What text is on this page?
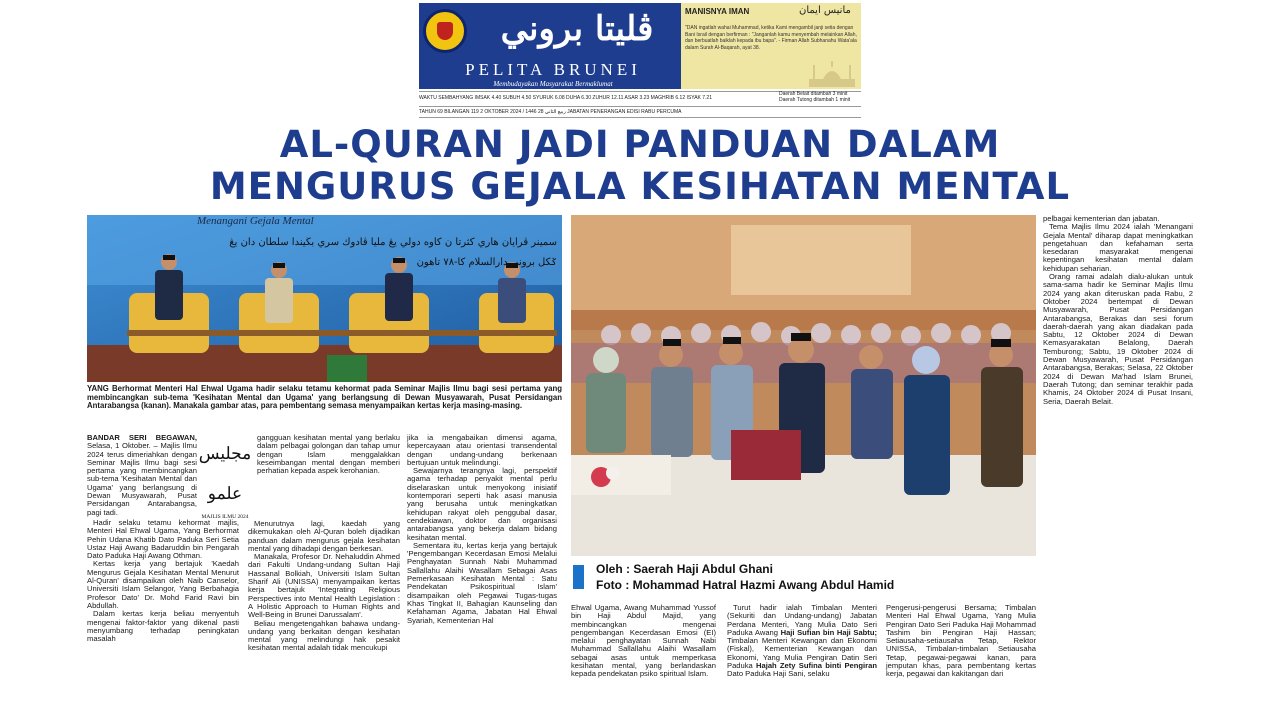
ڤليتا بروني
PELITA BRUNEI
Membudayakan Masyarakat Bermaklumat
MANISNYA IMAN	مانيس ايمان
"DAN ingatlah wahai Muhammad, ketika Kami mengambil janji setia dengan Bani Israil dengan berfirman : "Janganlah kamu menyembah melainkan Allah, dan berbuatlah baiklah kepada ibu bapa". - Firman Allah Subhanahu Wata'ala dalam Surah Al-Baqarah, ayat 38.
WAKTU SEMBAHYANG IMSAK 4.40 SUBUH 4.50 SYURUK 6.08 DUHA 6.30 ZUHUR 12.11 ASAR 3.23 MAGHRIB 6.12 ISYAK 7.21
Daerah Belait ditambah 3 minit
Daerah Tutong ditambah 1 minit
TAHUN 69 BILANGAN 119 2 OKTOBER 2024 / 1446 ربيع الثاني 28 JABATAN PENERANGAN EDISI RABU PERCUMA
AL-QURAN JADI PANDUAN DALAM
MENGURUS GEJALA KESIHATAN MENTAL
Menangani Gejala Mental
سمينر ڤرايان هاري كثرتا ن كاوه دولي يڠ مليا ڤادوك سري بڬيندا سلطان دان يڠ
ݢكل بروني دارالسلام كأ-٧٨ تاهون
YANG Berhormat Menteri Hal Ehwal Ugama hadir selaku tetamu kehormat pada Seminar Majlis Ilmu bagi sesi pertama yang membincangkan sub-tema 'Kesihatan Mental dan Ugama' yang berlangsung di Dewan Musyawarah, Pusat Persidangan Antarabangsa (kanan). Manakala gambar atas, para pembentang semasa menyampaikan kertas kerja masing-masing.
مجليس علمو
MAJLIS ILMU 2024

BANDAR SERI BEGAWAN, Selasa, 1 Oktober. – Majlis Ilmu 2024 terus dimeriahkan dengan Seminar Majlis Ilmu bagi sesi pertama yang membincangkan sub-tema 'Kesihatan Mental dan Ugama' yang berlangsung di Dewan Musyawarah, Pusat Persidangan Antarabangsa, pagi tadi.

Hadir selaku tetamu kehormat majlis, Menteri Hal Ehwal Ugama, Yang Berhormat Pehin Udana Khatib Dato Paduka Seri Setia Ustaz Haji Awang Badaruddin bin Pengarah Dato Paduka Haji Awang Othman.

Kertas kerja yang bertajuk 'Kaedah Mengurus Gejala Kesihatan Mental Menurut Al-Quran' disampaikan oleh Naib Canselor, Universiti Islam Selangor, Yang Berbahagia Profesor Dato' Dr. Mohd Farid Ravi bin Abdullah.

Dalam kertas kerja beliau menyentuh mengenai faktor-faktor yang dikenal pasti menyumbang terhadap peningkatan masalah

gangguan kesihatan mental yang berlaku dalam pelbagai golongan dan tahap umur dengan Islam menggalakkan keseimbangan mental dengan memberi perhatian kepada aspek kerohanian.

Menurutnya lagi, kaedah yang dikemukakan oleh Al-Quran boleh dijadikan panduan dalam mengurus gejala kesihatan mental yang dihadapi dengan berkesan.

Manakala, Profesor Dr. Nehaluddin Ahmed dari Fakulti Undang-undang Sultan Haji Hassanal Bolkiah, Universiti Islam Sultan Sharif Ali (UNISSA) menyampaikan kertas kerja bertajuk 'Integrating Religious Perspectives into Mental Health Legislation : A Holistic Approach to Human Rights and Well-Being in Brunei Darussalam'.

Beliau mengetengahkan bahawa undang-undang yang berkaitan dengan kesihatan mental yang melindungi hak pesakit kesihatan mental adalah tidak mencukupi

jika ia mengabaikan dimensi agama, kepercayaan atau orientasi transendental dengan undang-undang berkenaan bertujuan untuk melindungi.

Sewajarnya terangnya lagi, perspektif agama terhadap penyakit mental perlu diselaraskan untuk menyokong inisiatif kontemporari seperti hak asasi manusia yang berusaha untuk meningkatkan kehidupan rakyat oleh penggubal dasar, cendekiawan, doktor dan organisasi antarabangsa yang bekerja dalam bidang kesihatan mental.

Sementara itu, kertas kerja yang bertajuk 'Pengembangan Kecerdasan Emosi Melalui Penghayatan Sunnah Nabi Muhammad Sallallahu Alaihi Wasallam Sebagai Asas Pemerkasaan Kesihatan Mental : Satu Pendekatan Psikospiritual Islam' disampaikan oleh Pegawai Tugas-tugas Khas Tingkat II, Bahagian Kaunseling dan Kefahaman Agama, Jabatan Hal Ehwal Syariah, Kementerian Hal

Oleh : Saerah Haji Abdul Ghani
Foto : Mohammad Hatral Hazmi Awang Abdul Hamid

Ehwal Ugama, Awang Muhammad Yussof bin Haji Abdul Majid, yang membincangkan mengenai pengembangan Kecerdasan Emosi (EI) melalui penghayatan Sunnah Nabi Muhammad Sallallahu Alaihi Wasallam sebagai asas untuk memperkasa kesihatan mental, yang berlandaskan kepada pendekatan psiko spiritual Islam.

Turut hadir ialah Timbalan Menteri (Sekuriti dan Undang-undang) Jabatan Perdana Menteri, Yang Mulia Dato Seri Paduka Awang Haji Sufian bin Haji Sabtu; Timbalan Menteri Kewangan dan Ekonomi (Fiskal), Kementerian Kewangan dan Ekonomi, Yang Mulia Pengiran Datin Seri Paduka Hajah Zety Sufina binti Pengiran Dato Paduka Haji Sani, selaku

Pengerusi-pengerusi Bersama; Timbalan Menteri Hal Ehwal Ugama, Yang Mulia Pengiran Dato Seri Paduka Haji Mohammad Tashim bin Pengiran Haji Hassan; Setiausaha-setiausaha Tetap, Rektor UNISSA, Timbalan-timbalan Setiausaha Tetap, pegawai-pegawai kanan, para jemputan khas, para pembentang kertas kerja, pegawai dan kakitangan dari

pelbagai kementerian dan jabatan.

Tema Majlis Ilmu 2024 ialah 'Menangani Gejala Mental' diharap dapat meningkatkan pengetahuan dan kefahaman serta kesedaran masyarakat mengenai kepentingan kesihatan mental dalam kehidupan seharian.

Orang ramai adalah dialu-alukan untuk sama-sama hadir ke Seminar Majlis Ilmu 2024 yang akan diteruskan pada Rabu, 2 Oktober 2024 bertempat di Dewan Musyawarah, Pusat Persidangan Antarabangsa, Berakas dan sesi forum daerah-daerah yang akan diadakan pada Sabtu, 12 Oktober 2024 di Dewan Kemasyarakatan Belalong, Daerah Temburong; Sabtu, 19 Oktober 2024 di Dewan Musyawarah, Pusat Persidangan Antarabangsa, Berakas; Selasa, 22 Oktober 2024 di Dewan Ma'had Islam Brunei, Daerah Tutong; dan seminar terakhir pada Khamis, 24 Oktober 2024 di Pusat Insani, Seria, Daerah Belait.
